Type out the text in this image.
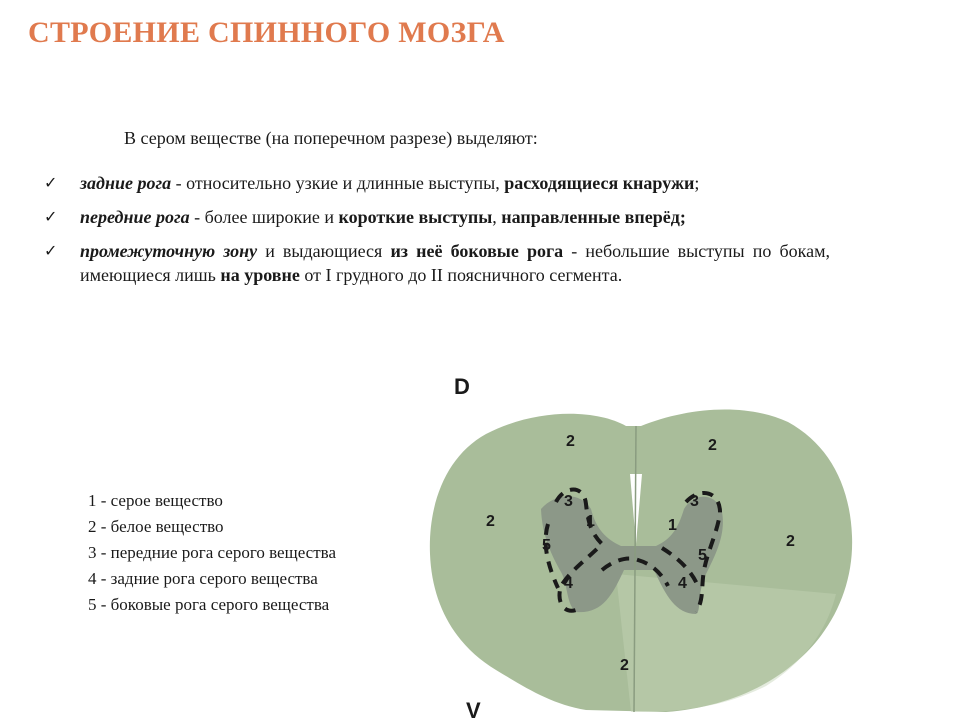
СТРОЕНИЕ СПИННОГО МОЗГА
В сером веществе (на поперечном разрезе) выделяют:
✓ задние рога - относительно узкие и длинные выступы, расходящиеся кнаружи;
✓ передние рога - более широкие и короткие выступы, направленные вперёд;
✓ промежуточную зону и выдающиеся из неё боковые рога - небольшие выступы по бокам, имеющиеся лишь на уровне от I грудного до II поясничного сегмента.
1 - серое вещество
2 - белое вещество
3 - передние рога серого вещества
4 - задние рога серого вещества
5 - боковые рога серого вещества
D
V
2	2
2
2
2
3	3
1	1
5
5
4	4
